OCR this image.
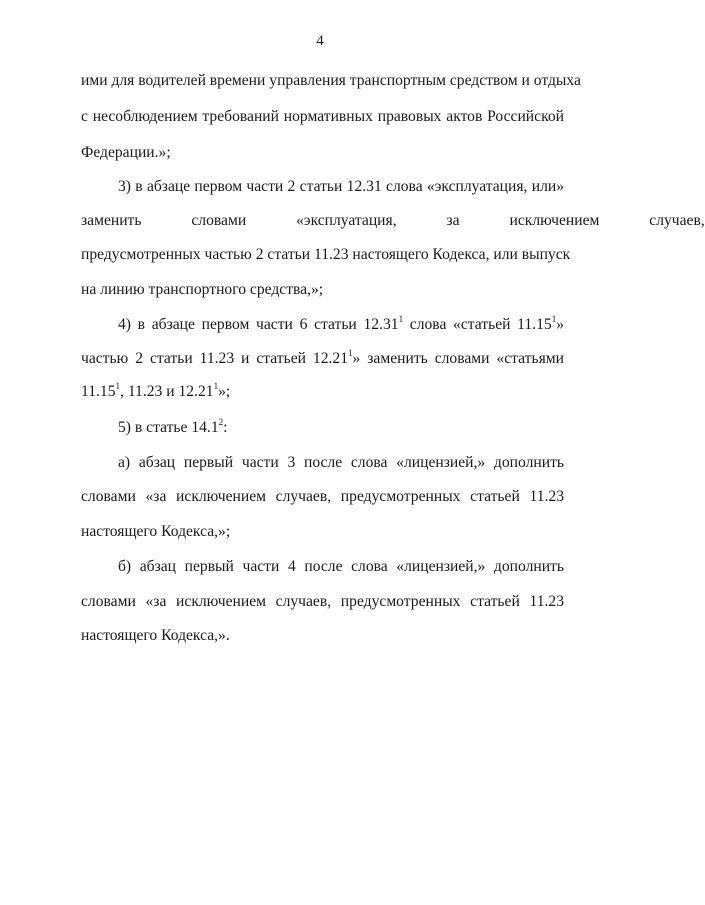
4
ими для водителей времени управления транспортным средством и отдыха
с несоблюдением требований нормативных правовых актов Российской
Федерации.»;
3) в абзаце первом части 2 статьи 12.31 слова «эксплуатация, или»
заменить словами «эксплуатация, за исключением случаев,
предусмотренных частью 2 статьи 11.23 настоящего Кодекса, или выпуск
на линию транспортного средства,»;
4) в абзаце первом части 6 статьи 12.31$^1$ слова «статьей 11.15$^1$»
частью 2 статьи 11.23 и статьей 12.21$^1$» заменить словами «статьями
11.15$^1$, 11.23 и 12.21$^1$»;
5) в статье 14.1$^2$:
а) абзац первый части 3 после слова «лицензией,» дополнить
словами «за исключением случаев, предусмотренных статьей 11.23
настоящего Кодекса,»;
б) абзац первый части 4 после слова «лицензией,» дополнить
словами «за исключением случаев, предусмотренных статьей 11.23
настоящего Кодекса,».
